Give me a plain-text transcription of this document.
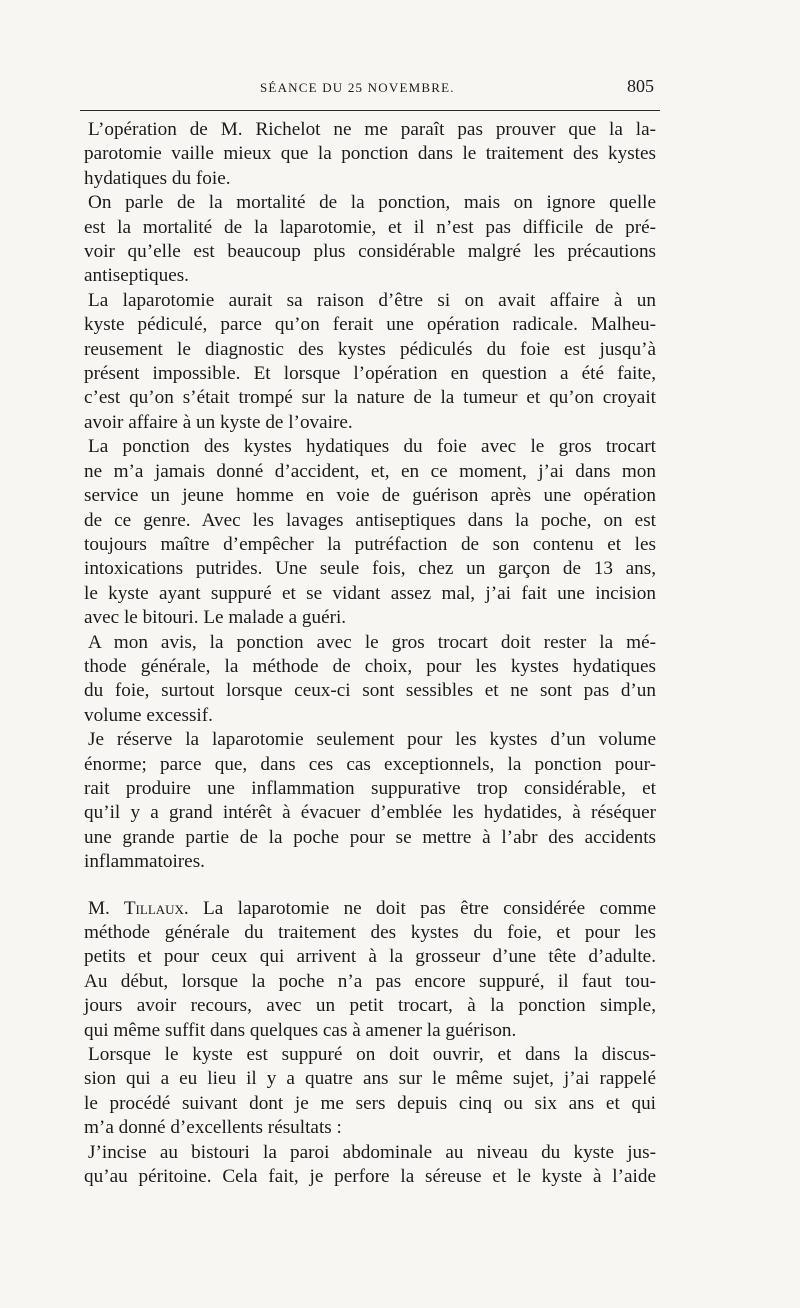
SÉANCE DU 25 NOVEMBRE.	805

L’opération de M. Richelot ne me paraît pas prouver que la la-
parotomie vaille mieux que la ponction dans le traitement des kystes
hydatiques du foie.

On parle de la mortalité de la ponction, mais on ignore quelle
est la mortalité de la laparotomie, et il n’est pas difficile de pré-
voir qu’elle est beaucoup plus considérable malgré les précautions
antiseptiques.

La laparotomie aurait sa raison d’être si on avait affaire à un
kyste pédiculé, parce qu’on ferait une opération radicale. Malheu-
reusement le diagnostic des kystes pédiculés du foie est jusqu’à
présent impossible. Et lorsque l’opération en question a été faite,
c’est qu’on s’était trompé sur la nature de la tumeur et qu’on croyait
avoir affaire à un kyste de l’ovaire.

La ponction des kystes hydatiques du foie avec le gros trocart
ne m’a jamais donné d’accident, et, en ce moment, j’ai dans mon
service un jeune homme en voie de guérison après une opération
de ce genre. Avec les lavages antiseptiques dans la poche, on est
toujours maître d’empêcher la putréfaction de son contenu et les
intoxications putrides. Une seule fois, chez un garçon de 13 ans,
le kyste ayant suppuré et se vidant assez mal, j’ai fait une incision
avec le bitouri. Le malade a guéri.

A mon avis, la ponction avec le gros trocart doit rester la mé-
thode générale, la méthode de choix, pour les kystes hydatiques
du foie, surtout lorsque ceux-ci sont sessibles et ne sont pas d’un
volume excessif.

Je réserve la laparotomie seulement pour les kystes d’un volume
énorme; parce que, dans ces cas exceptionnels, la ponction pour-
rait produire une inflammation suppurative trop considérable, et
qu’il y a grand intérêt à évacuer d’emblée les hydatides, à réséquer
une grande partie de la poche pour se mettre à l’abr des accidents
inflammatoires.

M. Tillaux. La laparotomie ne doit pas être considérée comme
méthode générale du traitement des kystes du foie, et pour les
petits et pour ceux qui arrivent à la grosseur d’une tête d’adulte.
Au début, lorsque la poche n’a pas encore suppuré, il faut tou-
jours avoir recours, avec un petit trocart, à la ponction simple,
qui même suffit dans quelques cas à amener la guérison.

Lorsque le kyste est suppuré on doit ouvrir, et dans la discus-
sion qui a eu lieu il y a quatre ans sur le même sujet, j’ai rappelé
le procédé suivant dont je me sers depuis cinq ou six ans et qui
m’a donné d’excellents résultats :

J’incise au bistouri la paroi abdominale au niveau du kyste jus-
qu’au péritoine. Cela fait, je perfore la séreuse et le kyste à l’aide
